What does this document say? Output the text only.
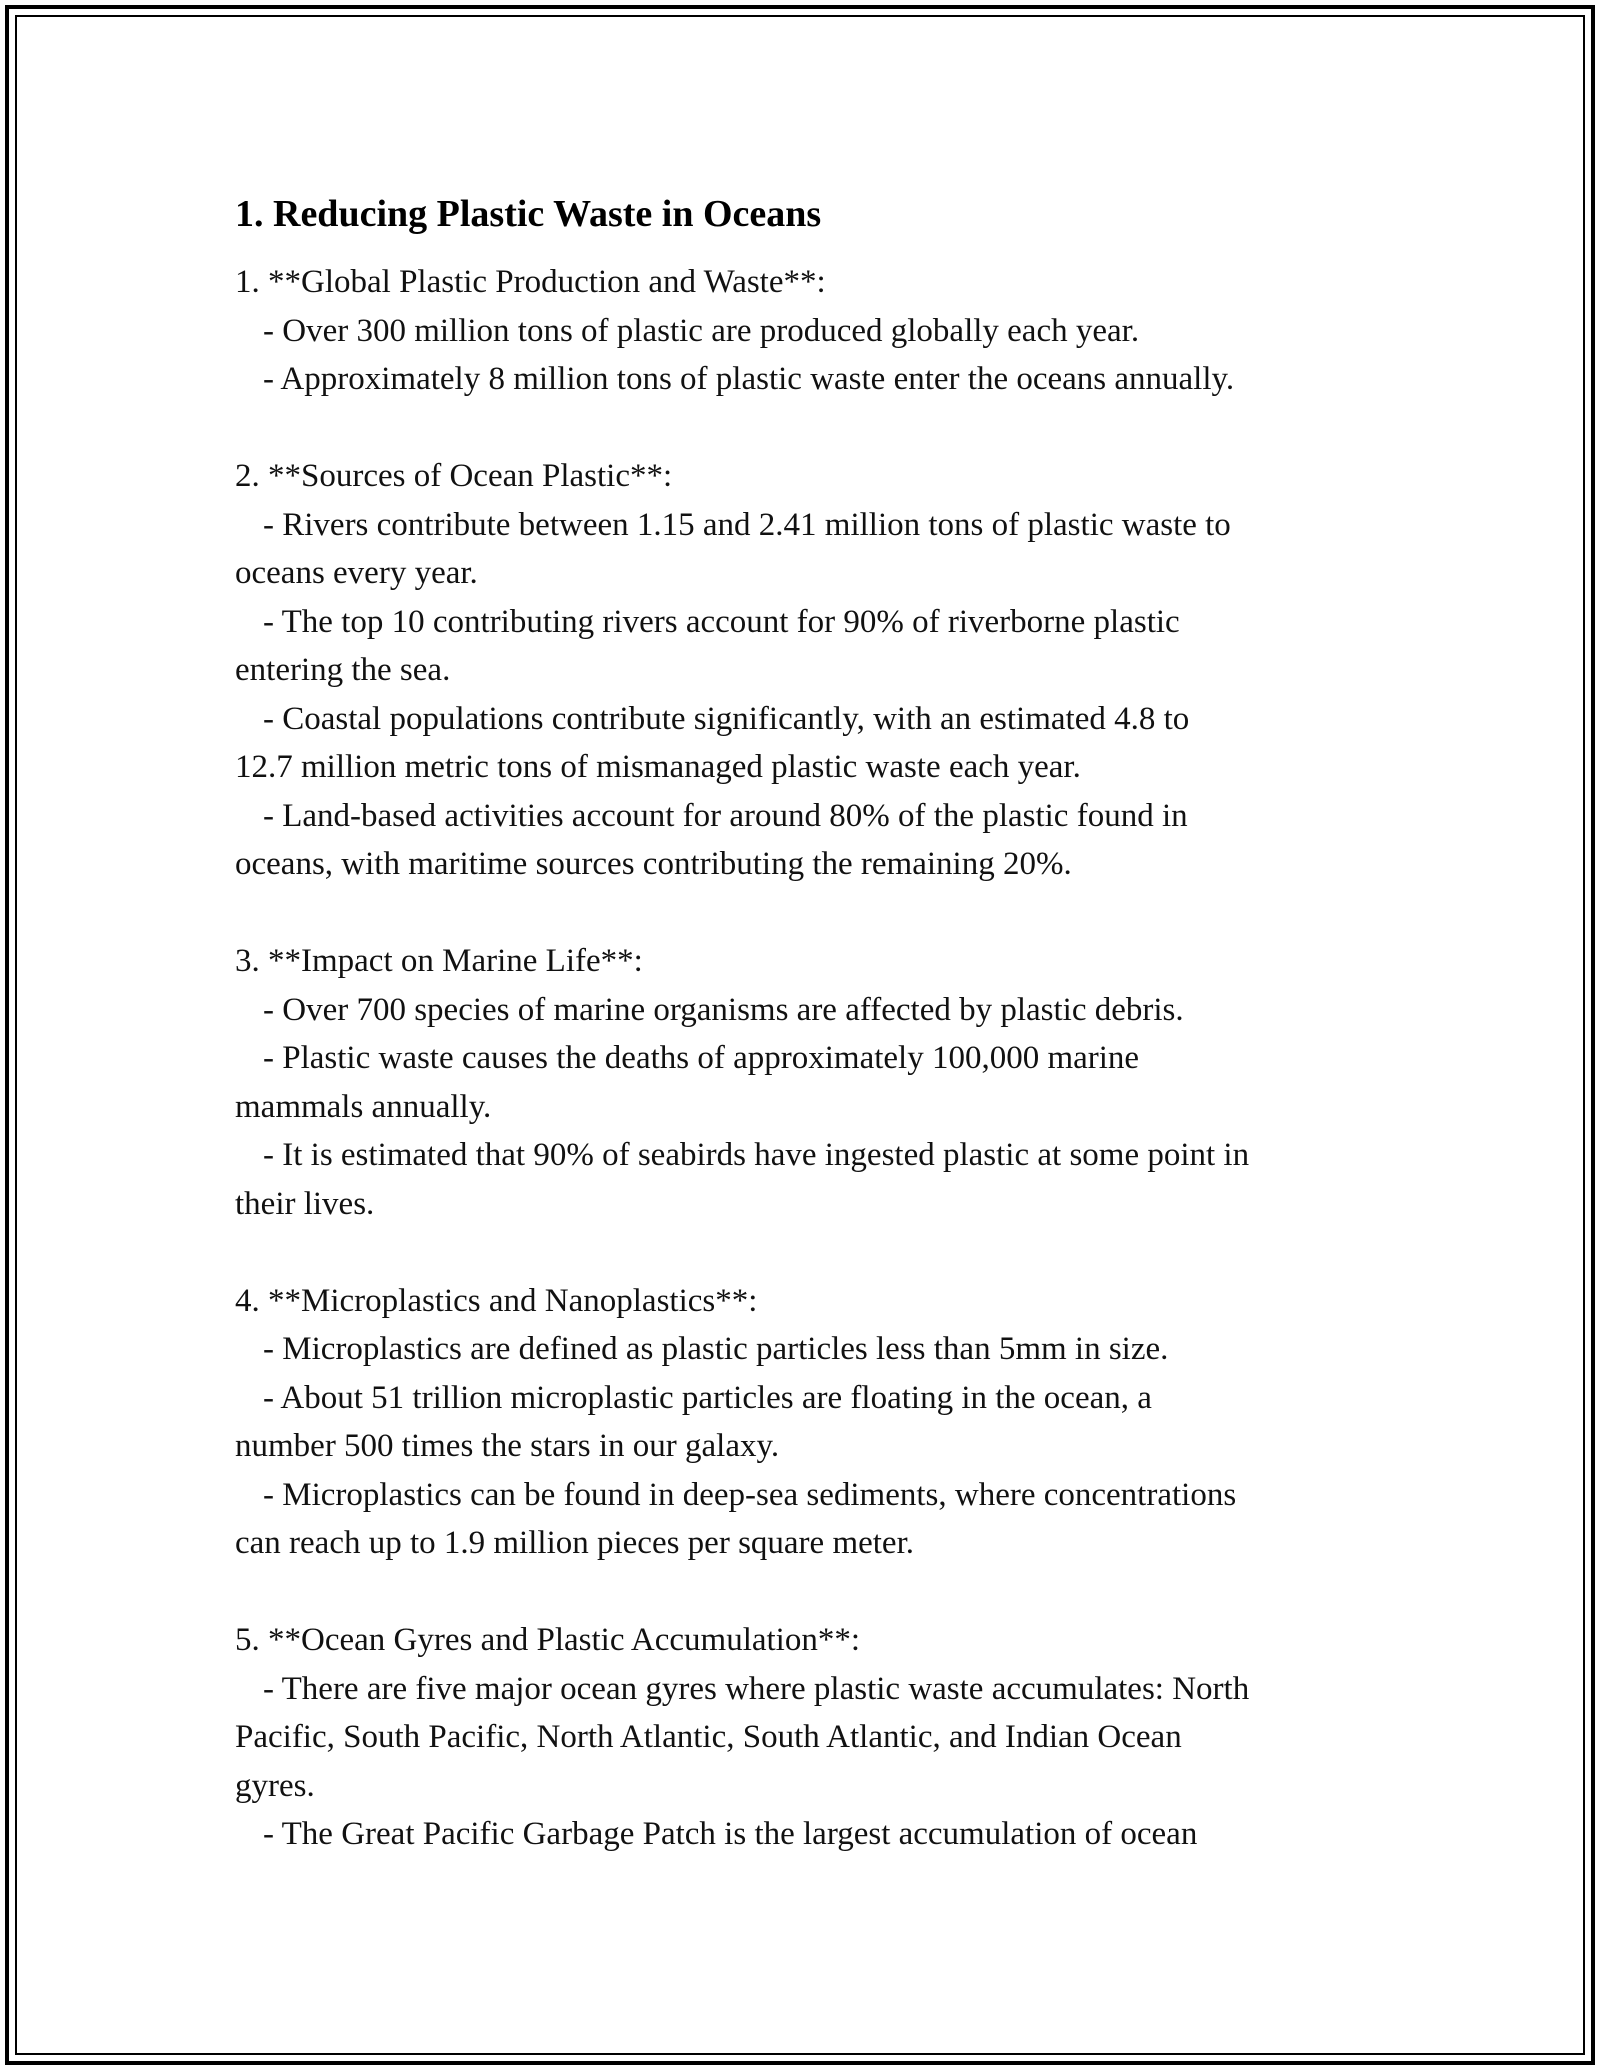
1. Reducing Plastic Waste in Oceans
1. **Global Plastic Production and Waste**:
- Over 300 million tons of plastic are produced globally each year.
- Approximately 8 million tons of plastic waste enter the oceans annually.
2. **Sources of Ocean Plastic**:
- Rivers contribute between 1.15 and 2.41 million tons of plastic waste to
oceans every year.
- The top 10 contributing rivers account for 90% of riverborne plastic
entering the sea.
- Coastal populations contribute significantly, with an estimated 4.8 to
12.7 million metric tons of mismanaged plastic waste each year.
- Land-based activities account for around 80% of the plastic found in
oceans, with maritime sources contributing the remaining 20%.
3. **Impact on Marine Life**:
- Over 700 species of marine organisms are affected by plastic debris.
- Plastic waste causes the deaths of approximately 100,000 marine
mammals annually.
- It is estimated that 90% of seabirds have ingested plastic at some point in
their lives.
4. **Microplastics and Nanoplastics**:
- Microplastics are defined as plastic particles less than 5mm in size.
- About 51 trillion microplastic particles are floating in the ocean, a
number 500 times the stars in our galaxy.
- Microplastics can be found in deep-sea sediments, where concentrations
can reach up to 1.9 million pieces per square meter.
5. **Ocean Gyres and Plastic Accumulation**:
- There are five major ocean gyres where plastic waste accumulates: North
Pacific, South Pacific, North Atlantic, South Atlantic, and Indian Ocean
gyres.
- The Great Pacific Garbage Patch is the largest accumulation of ocean
